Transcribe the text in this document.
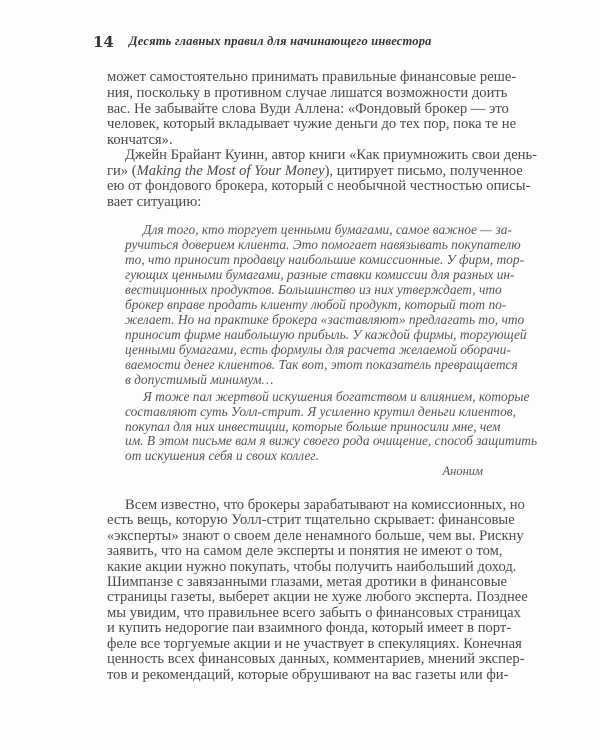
14 Десять главных правил для начинающего инвестора
может самостоятельно принимать правильные финансовые реше-
ния, поскольку в противном случае лишатся возможности доить
вас. Не забывайте слова Вуди Аллена: «Фондовый брокер — это
человек, который вкладывает чужие деньги до тех пор, пока те не
кончатся».
Джейн Брайант Куинн, автор книги «Как приумножить свои день-
ги» (Making the Most of Your Money), цитирует письмо, полученное
ею от фондового брокера, который с необычной честностью описы-
вает ситуацию:
Для того, кто торгует ценными бумагами, самое важное — за-
ручиться доверием клиента. Это помогает навязывать покупателю
то, что приносит продавцу наибольшие комиссионные. У фирм, тор-
гующих ценными бумагами, разные ставки комиссии для разных ин-
вестиционных продуктов. Большинство из них утверждает, что
брокер вправе продать клиенту любой продукт, который тот по-
желает. Но на практике брокера «заставляют» предлагать то, что
приносит фирме наибольшую прибыль. У каждой фирмы, торгующей
ценными бумагами, есть формулы для расчета желаемой оборачи-
ваемости денег клиентов. Так вот, этот показатель превращается
в допустимый минимум…
Я тоже пал жертвой искушения богатством и влиянием, которые
составляют суть Уолл-стрит. Я усиленно крутил деньги клиентов,
покупал для них инвестиции, которые больше приносили мне, чем
им. В этом письме вам я вижу своего рода очищение, способ защитить
от искушения себя и своих коллег.
Аноним
Всем известно, что брокеры зарабатывают на комиссионных, но
есть вещь, которую Уолл-стрит тщательно скрывает: финансовые
«эксперты» знают о своем деле ненамного больше, чем вы. Рискну
заявить, что на самом деле эксперты и понятия не имеют о том,
какие акции нужно покупать, чтобы получить наибольший доход.
Шимпанзе с завязанными глазами, метая дротики в финансовые
страницы газеты, выберет акции не хуже любого эксперта. Позднее
мы увидим, что правильнее всего забыть о финансовых страницах
и купить недорогие паи взаимного фонда, который имеет в порт-
феле все торгуемые акции и не участвует в спекуляциях. Конечная
ценность всех финансовых данных, комментариев, мнений экспер-
тов и рекомендаций, которые обрушивают на вас газеты или фи-
